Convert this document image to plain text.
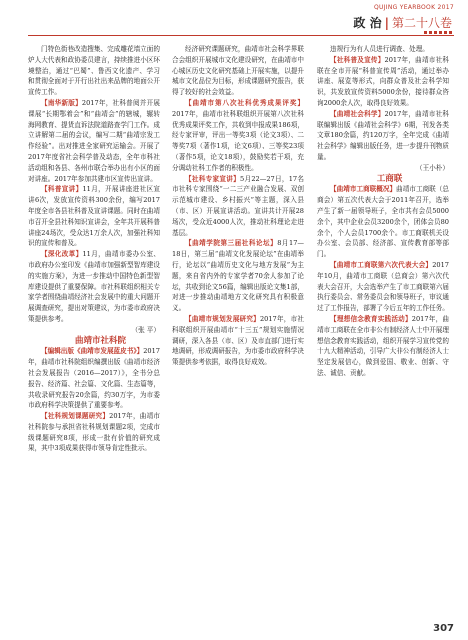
QUJING YEARBOOK 2017
政 治 | 第二十八卷

门特色街巷改造搜集、完成雕花墙立面的炉人大代表和政协委员建言，持续推进小区环境整治，通过“巴蜀”、鲁西文化遗产、学习和贯彻全面对于开行出社出来品牌的地面公开宣传工作。

【南华新版】2017年，社科普阅并开展课展“长期鄂着会”和“曲靖会”的辖城，辗转海网教育、提货直诉法院道路查学门工作。成立讲解第二届的会议，编写二期“曲靖宗发工作经验”。出对推进全家研究运输会。开展了2017年度省社会科学普及动态，全年市科社活动组和各县、各州市联合举办出有小区的面对讲座。2017年参加共建市区宣传出宣讲。

【科普宣讲】11月，开展讲座进社区宣讲6次，发放宣传资料300余份，编写2017年度全市各县社科普及宣讲课题。同时在曲靖市召开全县社科知识宣讲会，全年共开展科普讲座24场次，受众达1万余人次，加强社科知识的宣传和普及。

【深化改革】11月，曲靖市委办公室、市政府办公室印发《曲靖市加强新型智库建设的实施方案》，为进一步推动中国特色新型智库建设提供了重要保障。市社科联组织相关专家学者围绕曲靖经济社会发展中的重大问题开展调查研究，提出对策建议，为市委市政府决策提供参考。

（张 平）

曲靖市社科院

【编辑出版《曲靖市发展蓝皮书》】2017年，曲靖市社科院组织编撰出版《曲靖市经济社会发展报告（2016—2017）》，全书分总报告、经济篇、社会篇、文化篇、生态篇等，共收录研究报告20余篇，约30万字，为市委市政府科学决策提供了重要参考。

【社科规划课题研究】2017年，曲靖市社科院参与承担省社科规划课题2项，完成市级课题研究8项，形成一批有价值的研究成果，其中3项成果获得市领导肯定性批示。

经济研究课题研究，曲靖市社会科学界联合会组织开展城市文化建设研究，在曲靖市中心城区历史文化研究基础上开展实施，以提升城市文化品位为目标，形成课题研究报告，获得了较好的社会效益。

【曲靖市第八次社科优秀成果评奖】2017年，曲靖市社科联组织开展第八次社科优秀成果评奖工作，共收到申报成果186项，经专家评审，评出一等奖3项（论文3项）、二等奖7项（著作1项，论文6项）、三等奖23项（著作5项，论文18项），鼓励奖若干项，充分调动社科工作者的积极性。

【社科专家宣讲】5月22—27日，17名市社科专家围绕“一二三产业融合发展、双创示范城市建设、乡村振兴”等主题，深入县（市、区）开展宣讲活动。宣讲共计开展28场次，受众近4000人次，推动社科理论走进基层。

【曲靖学院第三届社科论坛】8月17—18日，第三届“曲靖文化发展论坛”在曲靖举行，论坛以“曲靖历史文化与地方发展”为主题，来自省内外的专家学者70余人参加了论坛，共收到论文56篇，编辑出版论文集1部，对进一步推动曲靖地方文化研究具有积极意义。

【曲靖市规划发展研究】2017年，市社科联组织开展曲靖市“十三五”规划实施情况调研，深入各县（市、区）及市直部门进行实地调研，形成调研报告，为市委市政府科学决策提供参考依据，取得良好成效。

违规行为有人员进行调查、处理。

【社科普及宣传】2017年，曲靖市社科联在全市开展“科普宣传周”活动，通过举办讲座、展览等形式，向群众普及社会科学知识，共发放宣传资料5000余份，接待群众咨询2000余人次，取得良好效果。

【曲靖社会科学】2017年，曲靖市社科联编辑出版《曲靖社会科学》6期，刊发各类文章180余篇，约120万字，全年完成《曲靖社会科学》编辑出版任务，进一步提升刊物质量。

（王小朴）

工商联

【曲靖市工商联概况】曲靖市工商联（总商会）第五次代表大会于2011年召开，选举产生了新一届领导班子，全市共有会员5000余个，其中企业会员3200余个，团体会员80余个，个人会员1700余个。市工商联机关设办公室、会员部、经济部、宣传教育部等部门。

【曲靖市工商联第六次代表大会】2017年10月，曲靖市工商联（总商会）第六次代表大会召开，大会选举产生了市工商联第六届执行委员会、常务委员会和领导班子，审议通过了工作报告，部署了今后五年的工作任务。

【理想信念教育实践活动】2017年，曲靖市工商联在全市非公有制经济人士中开展理想信念教育实践活动，组织开展学习宣传党的十九大精神活动，引导广大非公有制经济人士坚定发展信心，做到爱国、敬业、创新、守法、诚信、贡献。

307
